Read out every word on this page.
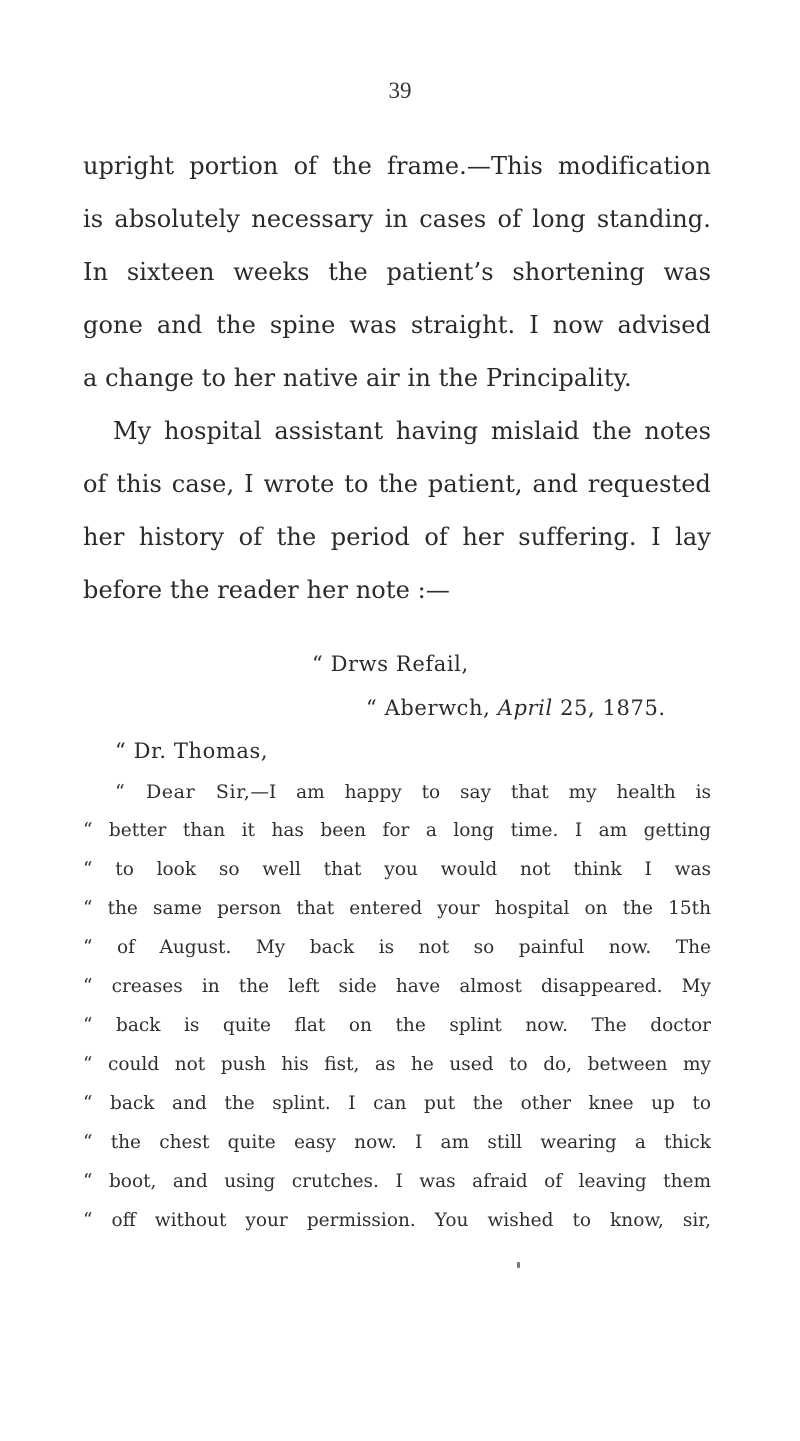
39

upright portion of the frame.—This modification

is absolutely necessary in cases of long standing.

In sixteen weeks the patient’s shortening was

gone and the spine was straight. I now advised

a change to her native air in the Principality.

My hospital assistant having mislaid the notes

of this case, I wrote to the patient, and requested

her history of the period of her suffering. I lay

before the reader her note :—

“ Drws Refail,

“ Aberwch, April 25, 1875.

“ Dr. Thomas,

“ Dear Sir,—I am happy to say that my health is

“ better than it has been for a long time. I am getting

“ to look so well that you would not think I was

“ the same person that entered your hospital on the 15th

“ of August. My back is not so painful now. The

“ creases in the left side have almost disappeared. My

“ back is quite flat on the splint now. The doctor

“ could not push his fist, as he used to do, between my

“ back and the splint. I can put the other knee up to

“ the chest quite easy now. I am still wearing a thick

“ boot, and using crutches. I was afraid of leaving them

“ off without your permission. You wished to know, sir,
